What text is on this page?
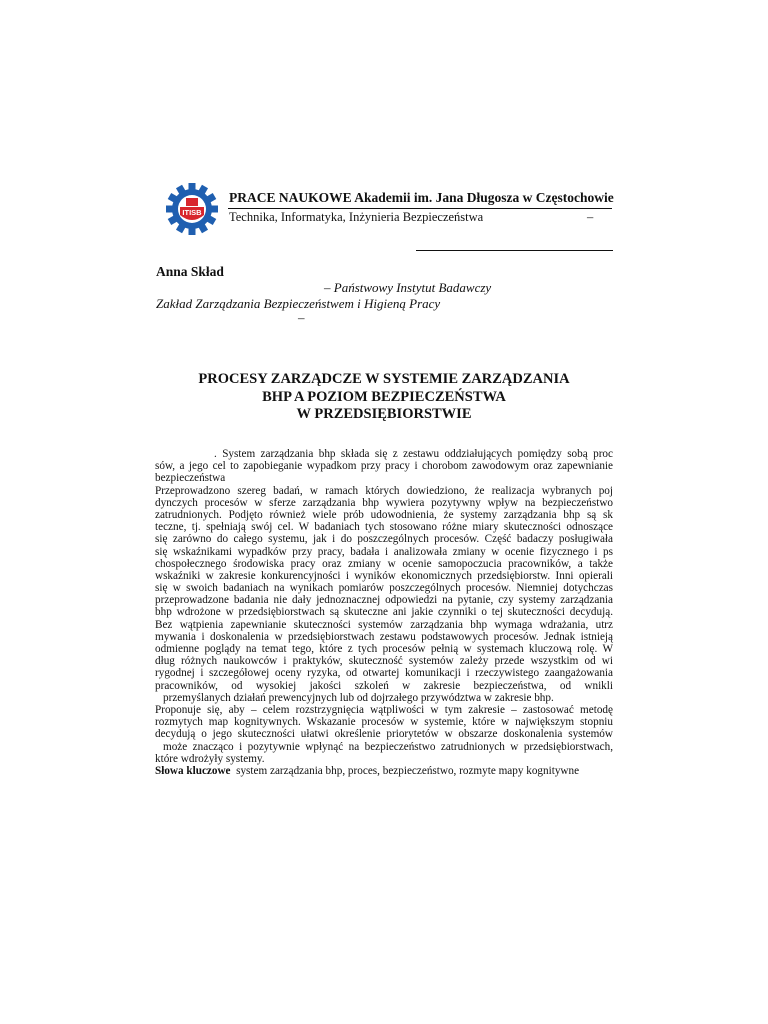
ITISB
PRACE NAUKOWE Akademii im. Jana Długosza w Częstochowie
Technika, Informatyka, Inżynieria Bezpieczeństwa	–
Anna Skład
– Państwowy Instytut Badawczy
Zakład Zarządzania Bezpieczeństwem i Higieną Pracy
–
PROCESY ZARZĄDCZE W SYSTEMIE ZARZĄDZANIA
BHP A POZIOM BEZPIECZEŃSTWA
W PRZEDSIĘBIORSTWIE
. System zarządzania bhp składa się z zestawu oddziałujących pomiędzy sobą proc
sów, a jego cel to zapobieganie wypadkom przy pracy i chorobom zawodowym oraz zapewnianie
bezpieczeństwa
Przeprowadzono szereg badań, w ramach których dowiedziono, że realizacja wybranych poj
dynczych procesów w sferze zarządzania bhp wywiera pozytywny wpływ na bezpieczeństwo
zatrudnionych. Podjęto również wiele prób udowodnienia, że systemy zarządzania bhp są sk
teczne, tj. spełniają swój cel. W badaniach tych stosowano różne miary skuteczności odnoszące
się zarówno do całego systemu, jak i do poszczególnych procesów. Część badaczy posługiwała
się wskaźnikami wypadków przy pracy, badała i analizowała zmiany w ocenie fizycznego i ps
chospołecznego środowiska pracy oraz zmiany w ocenie samopoczucia pracowników, a także
wskaźniki w zakresie konkurencyjności i wyników ekonomicznych przedsiębiorstw. Inni opierali
się w swoich badaniach na wynikach pomiarów poszczególnych procesów. Niemniej dotychczas
przeprowadzone badania nie dały jednoznacznej odpowiedzi na pytanie, czy systemy zarządzania
bhp wdrożone w przedsiębiorstwach są skuteczne ani jakie czynniki o tej skuteczności decydują.
Bez wątpienia zapewnianie skuteczności systemów zarządzania bhp wymaga wdrażania, utrz
mywania i doskonalenia w przedsiębiorstwach zestawu podstawowych procesów. Jednak istnieją
odmienne poglądy na temat tego, które z tych procesów pełnią w systemach kluczową rolę. W
dług różnych naukowców i praktyków, skuteczność systemów zależy przede wszystkim od wi
rygodnej i szczegółowej oceny ryzyka, od otwartej komunikacji i rzeczywistego zaangażowania
pracowników, od wysokiej jakości szkoleń w zakresie bezpieczeństwa, od wnikli
przemyślanych działań prewencyjnych lub od dojrzałego przywództwa w zakresie bhp.
Proponuje się, aby – celem rozstrzygnięcia wątpliwości w tym zakresie – zastosować metodę
rozmytych map kognitywnych. Wskazanie procesów w systemie, które w największym stopniu
decydują o jego skuteczności ułatwi określenie priorytetów w obszarze doskonalenia systemów
może znacząco i pozytywnie wpłynąć na bezpieczeństwo zatrudnionych w przedsiębiorstwach,
które wdrożyły systemy.
Słowa kluczowe system zarządzania bhp, proces, bezpieczeństwo, rozmyte mapy kognitywne
